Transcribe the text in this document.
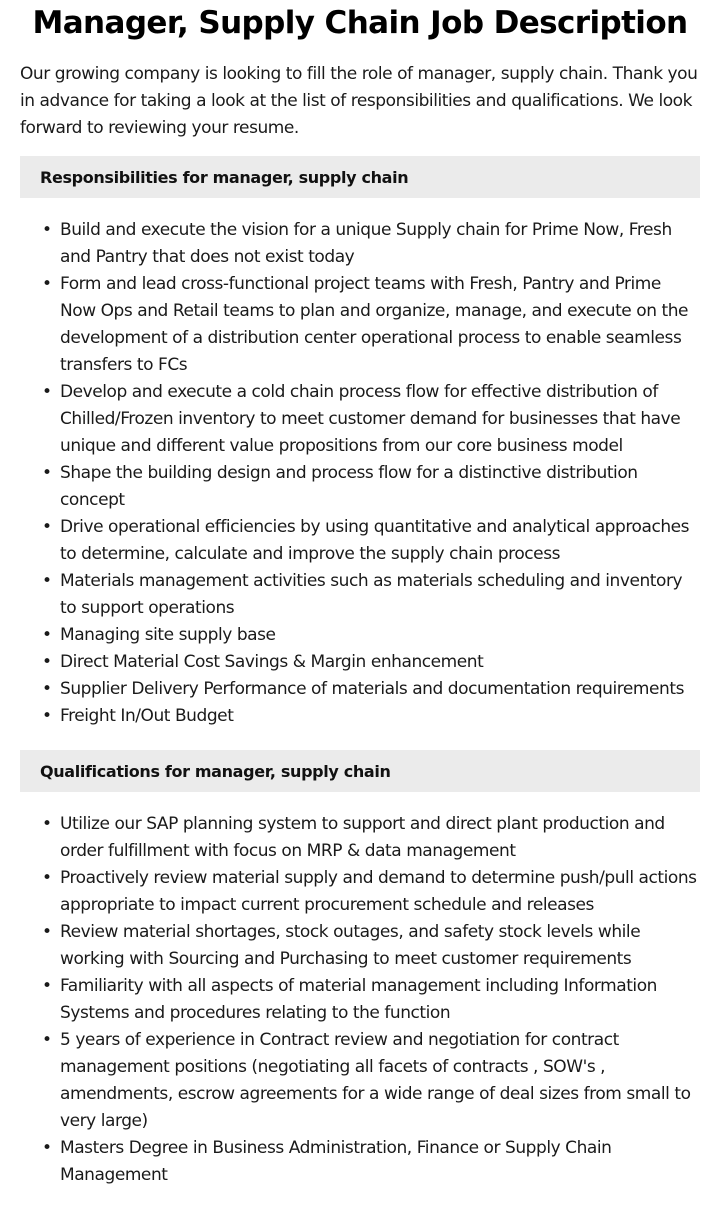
Manager, Supply Chain Job Description

Our growing company is looking to fill the role of manager, supply chain. Thank you in advance for taking a look at the list of responsibilities and qualifications. We look forward to reviewing your resume.

Responsibilities for manager, supply chain
• Build and execute the vision for a unique Supply chain for Prime Now, Fresh and Pantry that does not exist today
• Form and lead cross-functional project teams with Fresh, Pantry and Prime Now Ops and Retail teams to plan and organize, manage, and execute on the development of a distribution center operational process to enable seamless transfers to FCs
• Develop and execute a cold chain process flow for effective distribution of Chilled/Frozen inventory to meet customer demand for businesses that have unique and different value propositions from our core business model
• Shape the building design and process flow for a distinctive distribution concept
• Drive operational efficiencies by using quantitative and analytical approaches to determine, calculate and improve the supply chain process
• Materials management activities such as materials scheduling and inventory to support operations
• Managing site supply base
• Direct Material Cost Savings & Margin enhancement
• Supplier Delivery Performance of materials and documentation requirements
• Freight In/Out Budget
Qualifications for manager, supply chain
• Utilize our SAP planning system to support and direct plant production and order fulfillment with focus on MRP & data management
• Proactively review material supply and demand to determine push/pull actions appropriate to impact current procurement schedule and releases
• Review material shortages, stock outages, and safety stock levels while working with Sourcing and Purchasing to meet customer requirements
• Familiarity with all aspects of material management including Information Systems and procedures relating to the function
• 5 years of experience in Contract review and negotiation for contract management positions (negotiating all facets of contracts , SOW's , amendments, escrow agreements for a wide range of deal sizes from small to very large)
• Masters Degree in Business Administration, Finance or Supply Chain Management
